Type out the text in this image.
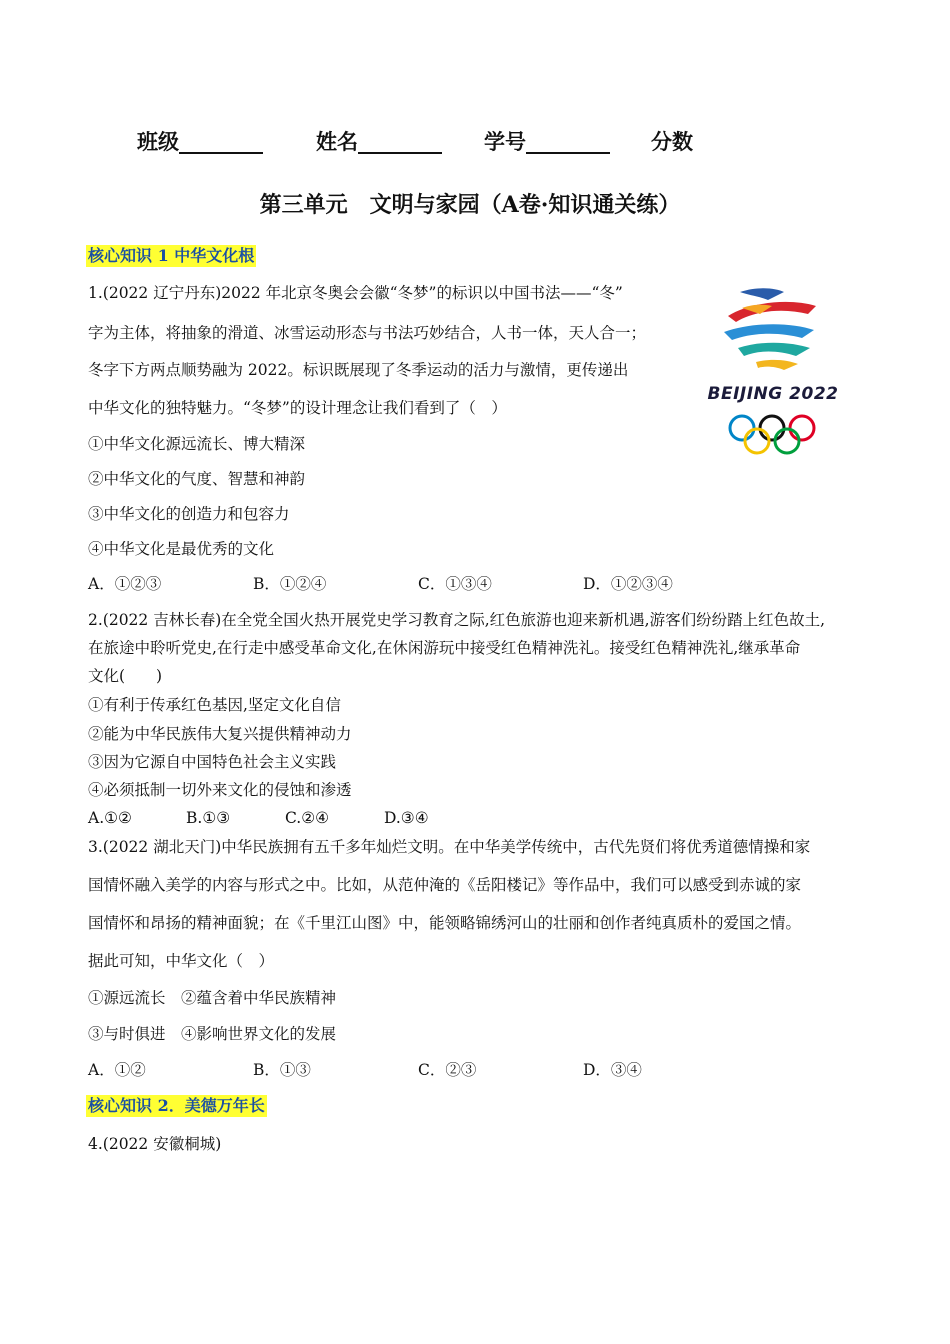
班级________	姓名________ 学号________ 分数
第三单元　文明与家园（A卷·知识通关练）
核心知识 1 中华文化根
1.(2022 辽宁丹东)2022 年北京冬奥会会徽“冬梦”的标识以中国书法——“冬”
字为主体，将抽象的滑道、冰雪运动形态与书法巧妙结合，人书一体，天人合一；
冬字下方两点顺势融为 2022。标识既展现了冬季运动的活力与激情，更传递出
中华文化的独特魅力。“冬梦”的设计理念让我们看到了（　）
①中华文化源远流长、博大精深
②中华文化的气度、智慧和神韵
③中华文化的创造力和包容力
④中华文化是最优秀的文化
A．①②③	B．①②④	C．①③④	D．①②③④
BEIJING 2022
2.(2022 吉林长春)在全党全国火热开展党史学习教育之际,红色旅游也迎来新机遇,游客们纷纷踏上红色故土,
在旅途中聆听党史,在行走中感受革命文化,在休闲游玩中接受红色精神洗礼。接受红色精神洗礼,继承革命
文化(　　)
①有利于传承红色基因,坚定文化自信
②能为中华民族伟大复兴提供精神动力
③因为它源自中国特色社会主义实践
④必须抵制一切外来文化的侵蚀和渗透
A.①②	B.①③	C.②④	D.③④
3.(2022 湖北天门)中华民族拥有五千多年灿烂文明。在中华美学传统中，古代先贤们将优秀道德情操和家
国情怀融入美学的内容与形式之中。比如，从范仲淹的《岳阳楼记》等作品中，我们可以感受到赤诚的家
国情怀和昂扬的精神面貌；在《千里江山图》中，能领略锦绣河山的壮丽和创作者纯真质朴的爱国之情。
据此可知，中华文化（　）
①源远流长　②蕴含着中华民族精神
③与时俱进　④影响世界文化的发展
A．①②	B．①③	C．②③	D．③④
核心知识 2．美德万年长
4.(2022 安徽桐城)
